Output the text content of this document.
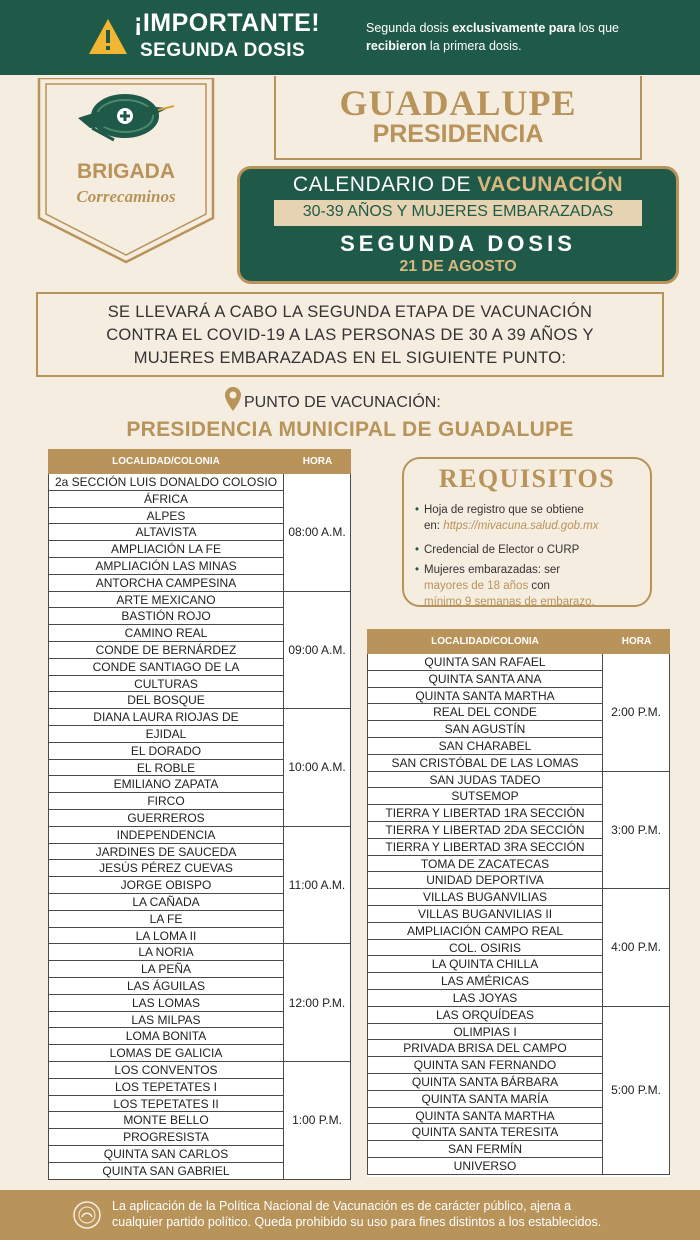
¡IMPORTANTE!
SEGUNDA DOSIS
Segunda dosis exclusivamente para los que recibieron la primera dosis.
BRIGADA
Correcaminos
GUADALUPE
PRESIDENCIA
CALENDARIO DE VACUNACIÓN
30-39 AÑOS Y MUJERES EMBARAZADAS
SEGUNDA DOSIS
21 DE AGOSTO

SE LLEVARÁ A CABO LA SEGUNDA ETAPA DE VACUNACIÓN

CONTRA EL COVID-19 A LAS PERSONAS DE 30 A 39 AÑOS Y

MUJERES EMBARAZADAS EN EL SIGUIENTE PUNTO:

PUNTO DE VACUNACIÓN:
PRESIDENCIA MUNICIPAL DE GUADALUPE
LOCALIDAD/COLONIA	HORA
2a SECCIÓN LUIS DONALDO COLOSIO
ÁFRICA
ALPES
ALTAVISTA
AMPLIACIÓN LA FE
AMPLIACIÓN LAS MINAS
ANTORCHA CAMPESINA
08:00 A.M.
ARTE MEXICANO
BASTIÓN ROJO
CAMINO REAL
CONDE DE BERNÁRDEZ
CONDE SANTIAGO DE LA
CULTURAS
DEL BOSQUE
09:00 A.M.
DIANA LAURA RIOJAS DE
EJIDAL
EL DORADO
EL ROBLE
EMILIANO ZAPATA
FIRCO
GUERREROS
10:00 A.M.
INDEPENDENCIA
JARDINES DE SAUCEDA
JESÚS PÉREZ CUEVAS
JORGE OBISPO
LA CAÑADA
LA FE
LA LOMA II
11:00 A.M.
LA NORIA
LA PEÑA
LAS ÁGUILAS
LAS LOMAS
LAS MILPAS
LOMA BONITA
LOMAS DE GALICIA
12:00 P.M.
LOS CONVENTOS
LOS TEPETATES I
LOS TEPETATES II
MONTE BELLO
PROGRESISTA
QUINTA SAN CARLOS
QUINTA SAN GABRIEL
1:00 P.M.
LOCALIDAD/COLONIA	HORA
QUINTA SAN RAFAEL
QUINTA SANTA ANA
QUINTA SANTA MARTHA
REAL DEL CONDE
SAN AGUSTÍN
SAN CHARABEL
SAN CRISTÓBAL DE LAS LOMAS
2:00 P.M.
SAN JUDAS TADEO
SUTSEMOP
TIERRA Y LIBERTAD 1RA SECCIÓN
TIERRA Y LIBERTAD 2DA SECCIÓN
TIERRA Y LIBERTAD 3RA SECCIÓN
TOMA DE ZACATECAS
UNIDAD DEPORTIVA
3:00 P.M.
VILLAS BUGANVILIAS
VILLAS BUGANVILIAS II
AMPLIACIÓN CAMPO REAL
COL. OSIRIS
LA QUINTA CHILLA
LAS AMÉRICAS
LAS JOYAS
4:00 P.M.
LAS ORQUÍDEAS
OLIMPIAS I
PRIVADA BRISA DEL CAMPO
QUINTA SAN FERNANDO
QUINTA SANTA BÁRBARA
QUINTA SANTA MARÍA
QUINTA SANTA MARTHA
QUINTA SANTA TERESITA
SAN FERMÍN
UNIVERSO
5:00 P.M.
REQUISITOS
• Hoja de registro que se obtiene
en: https://mivacuna.salud.gob.mx
• Credencial de Elector o CURP
• Mujeres embarazadas: ser
mayores de 18 años con
mínimo 9 semanas de embarazo.
La aplicación de la Política Nacional de Vacunación es de carácter público, ajena a
cualquier partido político. Queda prohibido su uso para fines distintos a los establecidos.
